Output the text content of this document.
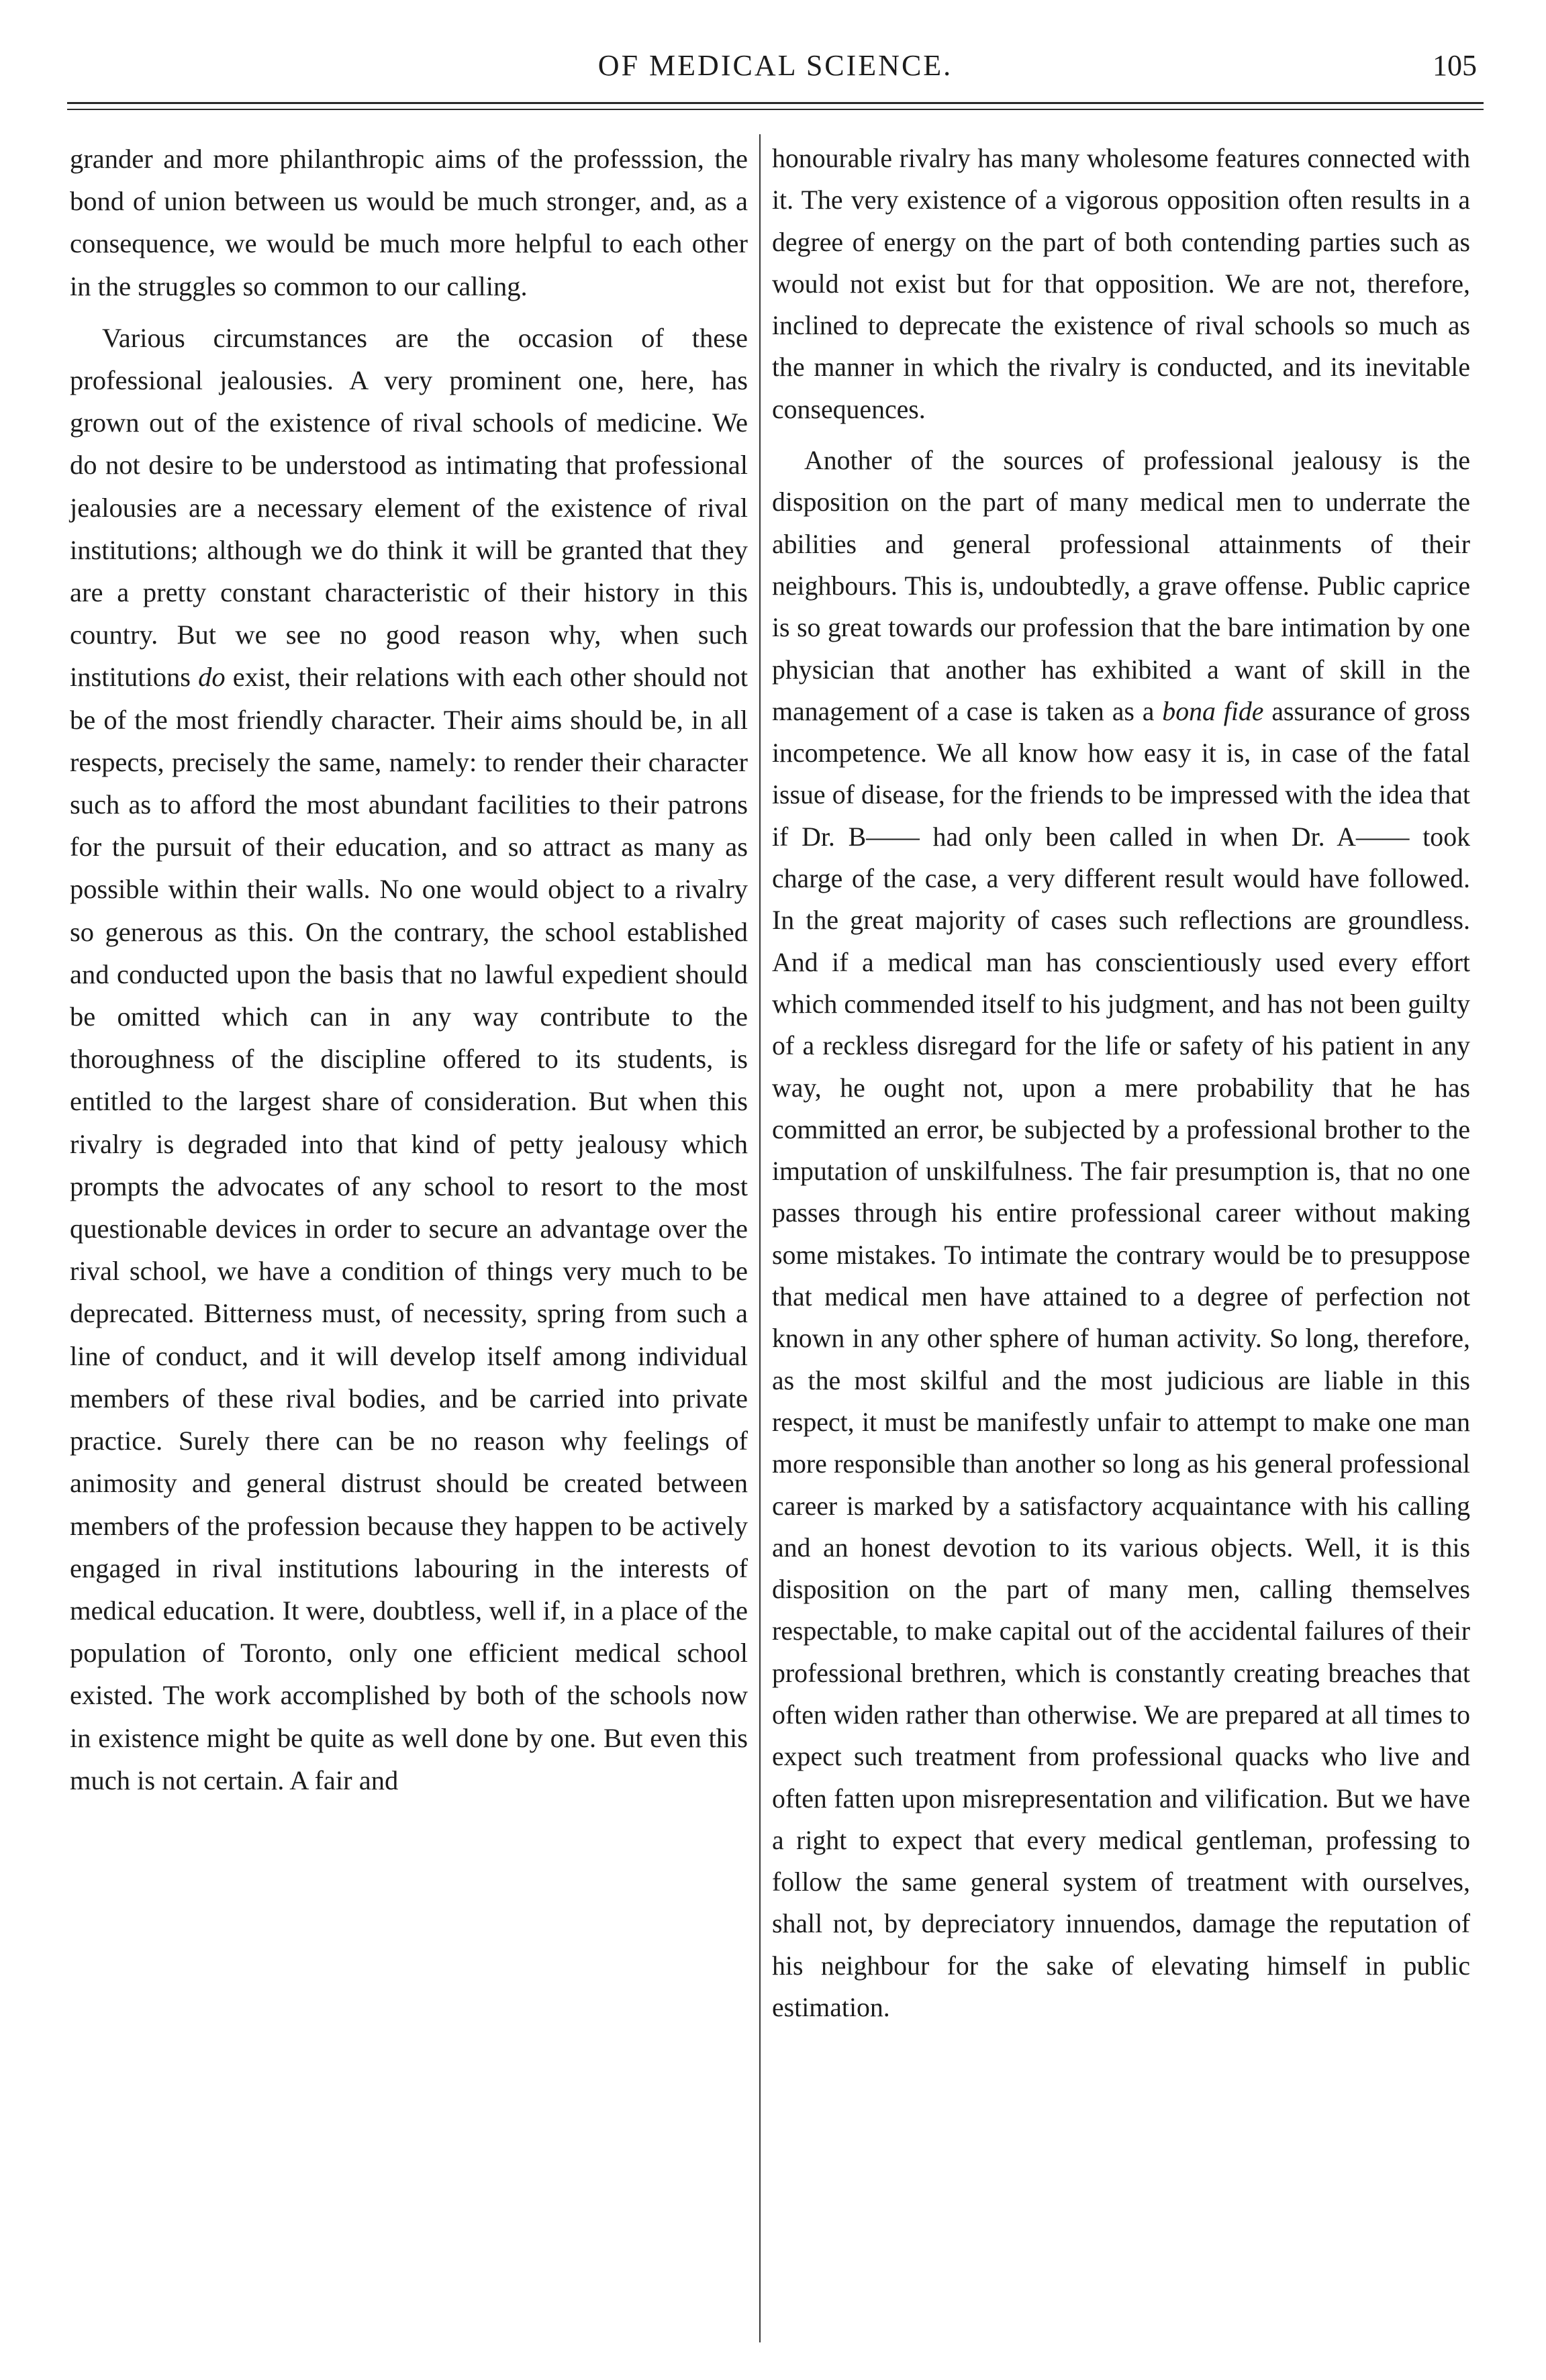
OF MEDICAL SCIENCE.	105

grander and more philanthropic aims of the professsion, the bond of union between us would be much stronger, and, as a consequence, we would be much more helpful to each other in the struggles so common to our calling.

Various circumstances are the occasion of these professional jealousies. A very prominent one, here, has grown out of the existence of rival schools of medicine. We do not desire to be understood as intimating that professional jealousies are a necessary element of the existence of rival institutions; although we do think it will be granted that they are a pretty constant characteristic of their history in this country. But we see no good reason why, when such institutions do exist, their relations with each other should not be of the most friendly character. Their aims should be, in all respects, precisely the same, namely: to render their character such as to afford the most abundant facilities to their patrons for the pursuit of their education, and so attract as many as possible within their walls. No one would object to a rivalry so generous as this. On the contrary, the school established and conducted upon the basis that no lawful expedient should be omitted which can in any way contribute to the thoroughness of the discipline offered to its students, is entitled to the largest share of consideration. But when this rivalry is degraded into that kind of petty jealousy which prompts the advocates of any school to resort to the most questionable devices in order to secure an advantage over the rival school, we have a condition of things very much to be deprecated. Bitterness must, of necessity, spring from such a line of conduct, and it will develop itself among individual members of these rival bodies, and be carried into private practice. Surely there can be no reason why feelings of animosity and general distrust should be created between members of the profession because they happen to be actively engaged in rival institutions labouring in the interests of medical education. It were, doubtless, well if, in a place of the population of Toronto, only one efficient medical school existed. The work accomplished by both of the schools now in existence might be quite as well done by one. But even this much is not certain. A fair and

honourable rivalry has many wholesome features connected with it. The very existence of a vigorous opposition often results in a degree of energy on the part of both contending parties such as would not exist but for that opposition. We are not, therefore, inclined to deprecate the existence of rival schools so much as the manner in which the rivalry is conducted, and its inevitable consequences.

Another of the sources of professional jealousy is the disposition on the part of many medical men to underrate the abilities and general professional attainments of their neighbours. This is, undoubtedly, a grave offense. Public caprice is so great towards our profession that the bare intimation by one physician that another has exhibited a want of skill in the management of a case is taken as a bona fide assurance of gross incompetence. We all know how easy it is, in case of the fatal issue of disease, for the friends to be impressed with the idea that if Dr. B—— had only been called in when Dr. A—— took charge of the case, a very different result would have followed. In the great majority of cases such reflections are groundless. And if a medical man has conscientiously used every effort which commended itself to his judgment, and has not been guilty of a reckless disregard for the life or safety of his patient in any way, he ought not, upon a mere probability that he has committed an error, be subjected by a professional brother to the imputation of unskilfulness. The fair presumption is, that no one passes through his entire professional career without making some mistakes. To intimate the contrary would be to presuppose that medical men have attained to a degree of perfection not known in any other sphere of human activity. So long, therefore, as the most skilful and the most judicious are liable in this respect, it must be manifestly unfair to attempt to make one man more responsible than another so long as his general professional career is marked by a satisfactory acquaintance with his calling and an honest devotion to its various objects. Well, it is this disposition on the part of many men, calling themselves respectable, to make capital out of the accidental failures of their professional brethren, which is constantly creating breaches that often widen rather than otherwise. We are prepared at all times to expect such treatment from professional quacks who live and often fatten upon misrepresentation and vilification. But we have a right to expect that every medical gentleman, professing to follow the same general system of treatment with ourselves, shall not, by depreciatory innuendos, damage the reputation of his neighbour for the sake of elevating himself in public estimation.
